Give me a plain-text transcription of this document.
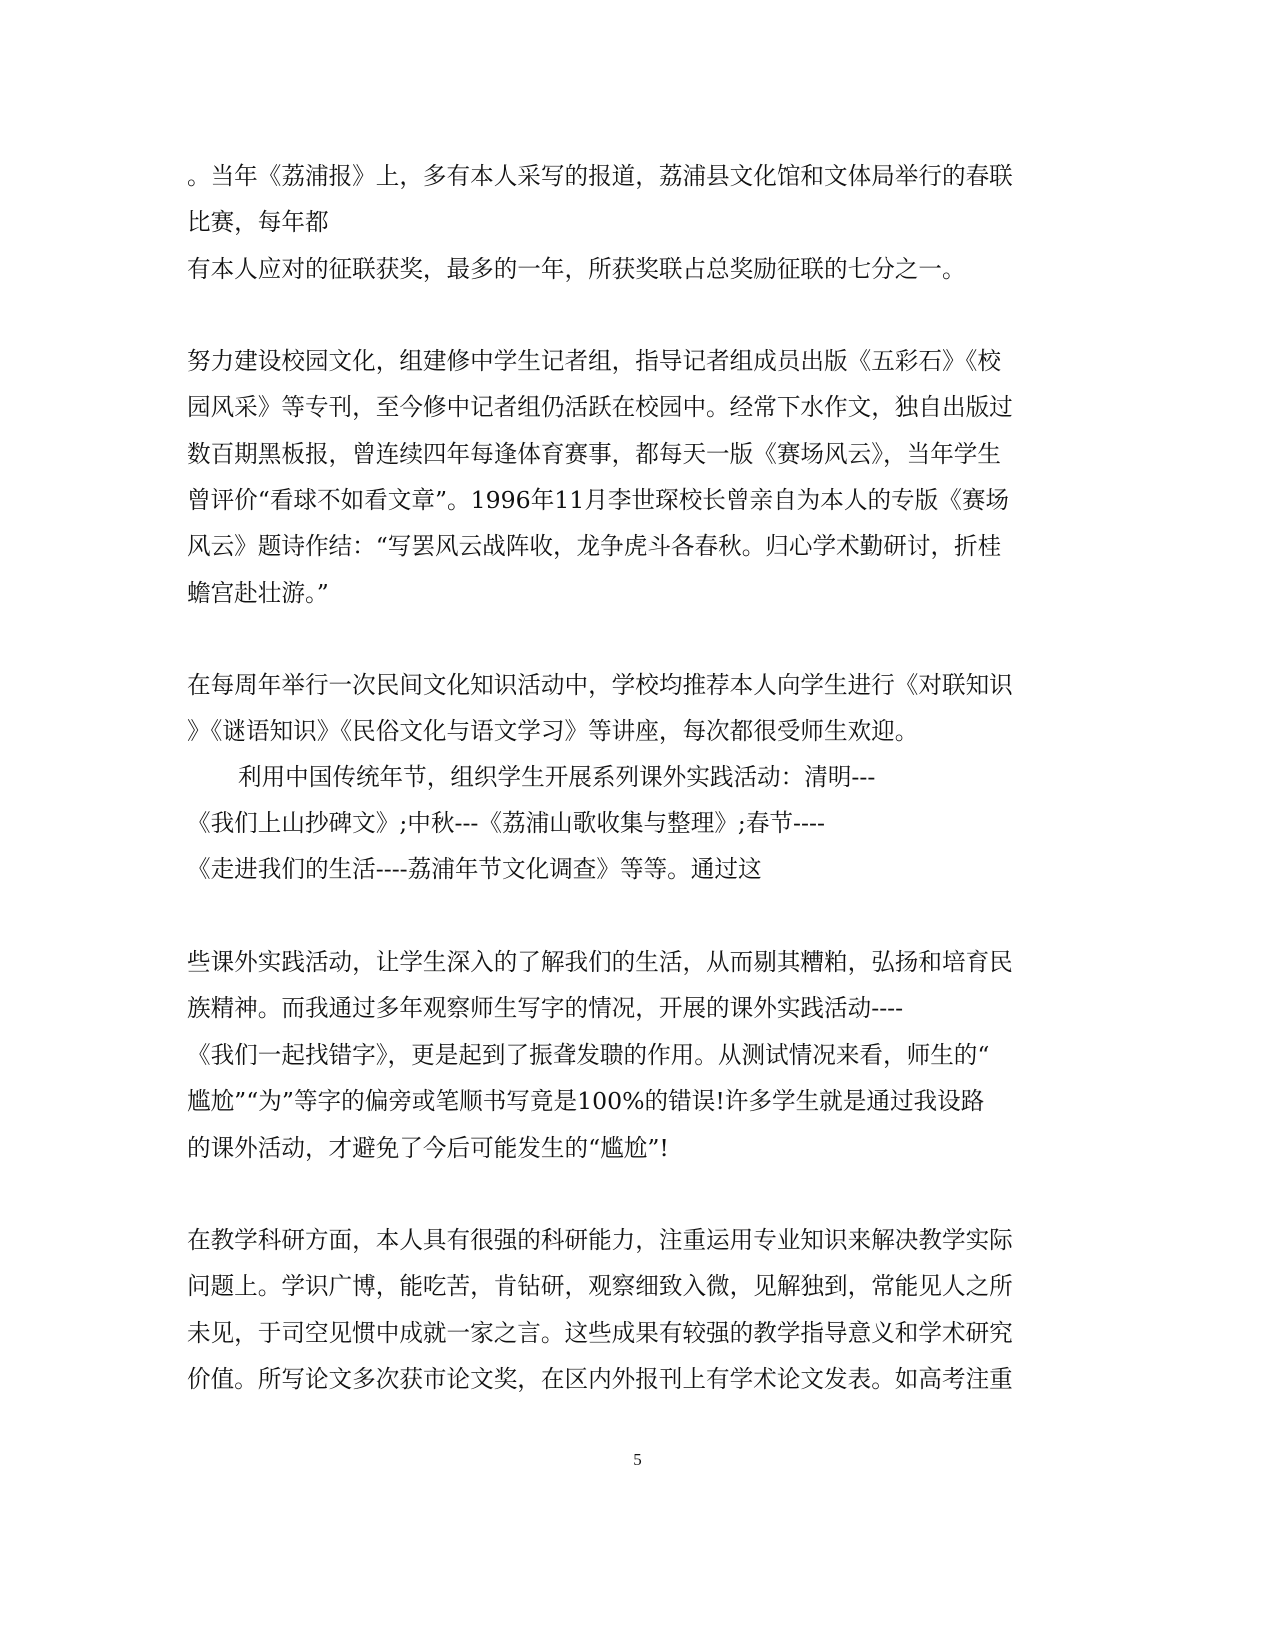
。当年《荔浦报》上，多有本人采写的报道，荔浦县文化馆和文体局举行的春联
比赛，每年都
有本人应对的征联获奖，最多的一年，所获奖联占总奖励征联的七分之一。
努力建设校园文化，组建修中学生记者组，指导记者组成员出版《五彩石》《校
园风采》等专刊，至今修中记者组仍活跃在校园中。经常下水作文，独自出版过
数百期黑板报，曾连续四年每逢体育赛事，都每天一版《赛场风云》，当年学生
曾评价“看球不如看文章”。1996年11月李世琛校长曾亲自为本人的专版《赛场
风云》题诗作结：“写罢风云战阵收，龙争虎斗各春秋。归心学术勤研讨，折桂
蟾宫赴壮游。”
在每周年举行一次民间文化知识活动中，学校均推荐本人向学生进行《对联知识
》《谜语知识》《民俗文化与语文学习》等讲座，每次都很受师生欢迎。
利用中国传统年节，组织学生开展系列课外实践活动：清明---
《我们上山抄碑文》;中秋---《荔浦山歌收集与整理》;春节----
《走进我们的生活----荔浦年节文化调查》等等。通过这
些课外实践活动，让学生深入的了解我们的生活，从而剔其糟粕，弘扬和培育民
族精神。而我通过多年观察师生写字的情况，开展的课外实践活动----
《我们一起找错字》，更是起到了振聋发聩的作用。从测试情况来看，师生的“
尴尬”“为”等字的偏旁或笔顺书写竟是100%的错误!许多学生就是通过我设路
的课外活动，才避免了今后可能发生的“尴尬”!
在教学科研方面，本人具有很强的科研能力，注重运用专业知识来解决教学实际
问题上。学识广博，能吃苦，肯钻研，观察细致入微，见解独到，常能见人之所
未见，于司空见惯中成就一家之言。这些成果有较强的教学指导意义和学术研究
价值。所写论文多次获市论文奖，在区内外报刊上有学术论文发表。如高考注重
5
